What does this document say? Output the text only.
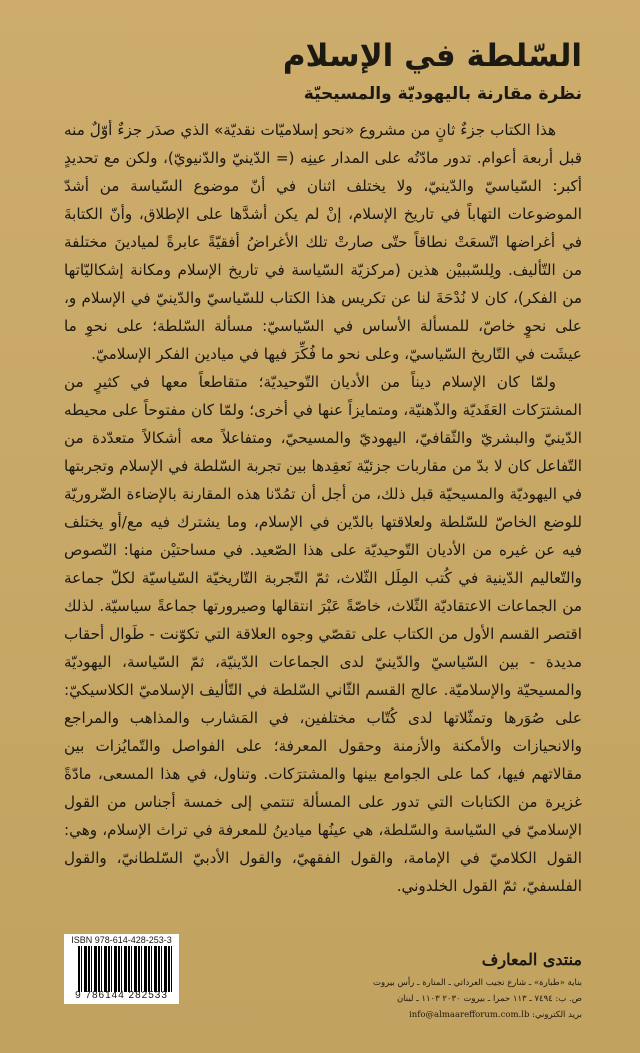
السّلطة في الإسلام
نظرة مقارنة باليهوديّة والمسيحيّة

هذا الكتاب جزءٌ ثانٍ من مشروع «نحو إسلاميّات نقديّة» الذي صدَر جزءٌ أوّلٌ منه قبل أربعة أعوام. تدور مادّتُه على المدار عينِه (= الدّينيّ والدّنيويّ)، ولكن مع تحديدٍ أكبر: السّياسيّ والدّينيّ، ولا يختلف اثنان في أنّ موضوع السّياسة من أشدّ الموضوعات التهاباً في تاريخ الإسلام، إنْ لم يكن أشدَّها على الإطلاق، وأنّ الكتابةَ في أغراضها اتّسعَتْ نطاقاً حتّى صارتْ تلك الأغراضُ أفقيّةً عابرةً لميادينَ مختلفة من التّأليف. ولِلسّببيْن هذين (مركزيّة السّياسة في تاريخ الإسلام ومكانة إشكاليّاتها من الفكر)، كان لا نُدْحَةَ لنا عن تكريس هذا الكتاب للسّياسيّ والدّينيّ في الإسلام و، على نحوٍ خاصّ، للمسألة الأساس في السّياسيّ: مسألة السّلطة؛ على نحوِ ما عيشَت في التّاريخ السّياسيّ، وعلى نحو ما فُكِّرَ فيها في ميادين الفكر الإسلاميّ.

ولمّا كان الإسلام ديناً من الأديان التّوحيديّة؛ متقاطعاً معها في كثيرٍ من المشترَكات العَقَديّة والذّهنيّة، ومتمايزاً عنها في أخرى؛ ولمّا كان مفتوحاً على محيطه الدّينيّ والبشريّ والثّقافيّ، اليهوديّ والمسيحيّ، ومتفاعلاً معه أشكالاً متعدّدة من التّفاعل كان لا بدّ من مقاربات جزئيّة نَعقِدها بين تجربة السّلطة في الإسلام وتجربتها في اليهوديّة والمسيحيّة قبل ذلك، من أجل أن تمُدّنا هذه المقارنة بالإضاءة الضّروريّة للوضع الخاصّ للسّلطة ولعلاقتها بالدّين في الإسلام، وما يشترك فيه مع/أو يختلف فيه عن غيره من الأديان التّوحيديّة على هذا الصّعيد. في مساحتيْن منها: النّصوص والتّعاليم الدّينية في كُتب المِلَل الثّلاث، ثمّ التّجربة التّاريخيّة السّياسيّة لكلّ جماعة من الجماعات الاعتقاديّة الثّلاث، خاصّةً عَبْرَ انتقالها وصيرورتها جماعةً سياسيّة. لذلك اقتصر القسم الأول من الكتاب على تقصّي وجوه العلاقة التي تكوّنت - طَوال أحقاب مديدة - بين السّياسيّ والدّينيّ لدى الجماعات الدّينيّة، ثمّ السّياسة، اليهوديّة والمسيحيّة والإسلاميّة. عالج القسم الثّاني السّلطة في التّأليف الإسلاميّ الكلاسيكيّ: على صُوَرها وتمثّلاتها لدى كُتّاب مختلفين، في المَشارب والمذاهب والمراجع والانحيازات والأمكنة والأزمنة وحقول المعرفة؛ على الفواصل والتّمايُزات بين مقالاتهم فيها، كما على الجوامع بينها والمشترَكات. وتناول، في هذا المسعى، مادّةً غزيرة من الكتابات التي تدور على المسألة تنتمي إلى خمسة أجناس من القول الإسلاميّ في السّياسة والسّلطة، هي عينُها ميادينُ للمعرفة في تراث الإسلام، وهي: القول الكلاميّ في الإمامة، والقول الفقهيّ، والقول الأدبيّ السّلطانيّ، والقول الفلسفيّ، ثمّ القول الخلدوني.

ISBN 978-614-428-253-3
9 786144 282533
منتدى المعارف
بناية «طبارة» ـ شارع نجيب العرداتي ـ المنارة ـ رأس بيروت
ص. ب: ٧٤٩٤ ـ ١١٣ حمرا ـ بيروت ٢٠٣٠ ١١٠٣ ـ لبنان
بريد الكتروني: info@almaarefforum.com.lb
